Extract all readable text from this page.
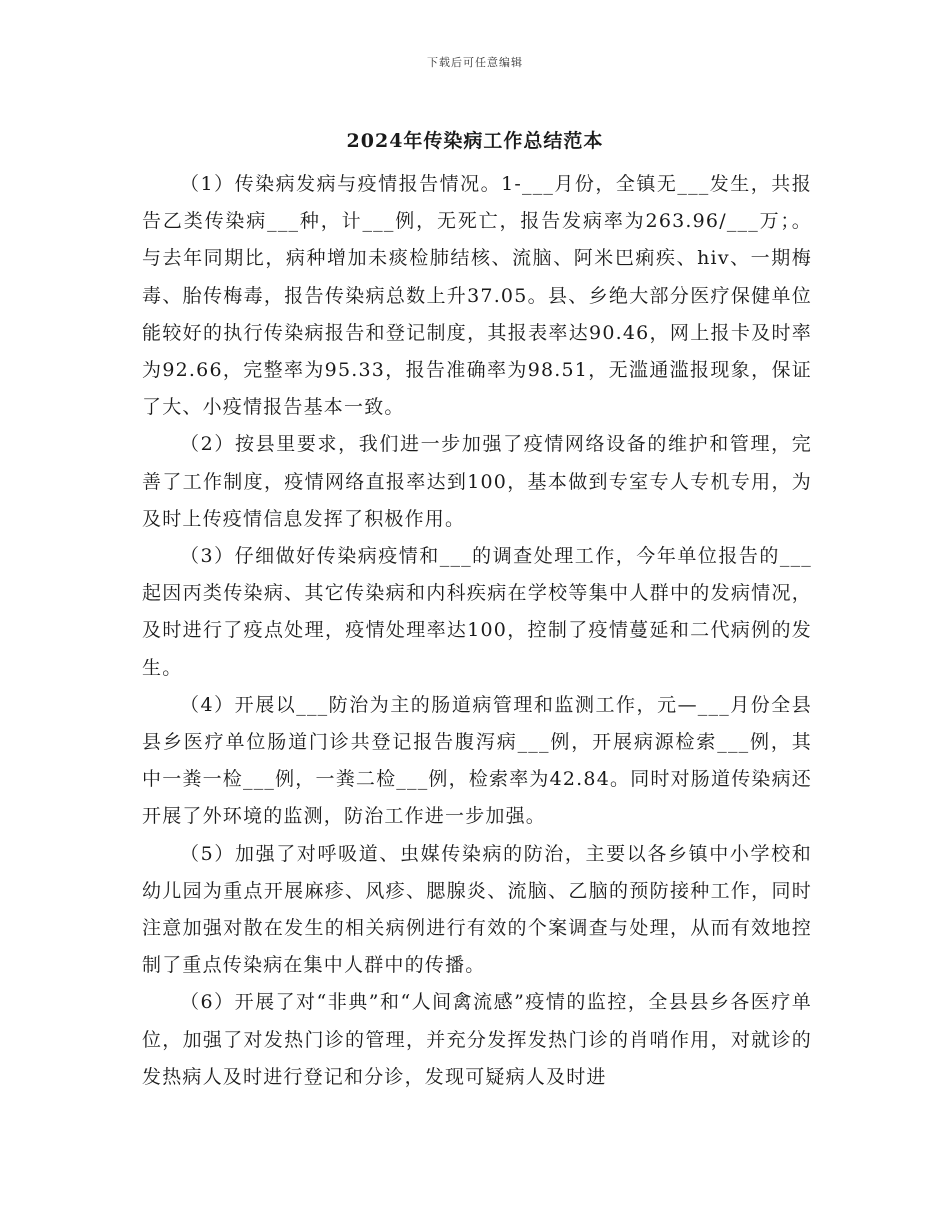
下载后可任意编辑
2024年传染病工作总结范本

（1）传染病发病与疫情报告情况。1-___月份，全镇无___发生，共报告乙类传染病___种，计___例，无死亡，报告发病率为263.96/___万；。与去年同期比，病种增加未痰检肺结核、流脑、阿米巴痢疾、hiv、一期梅毒、胎传梅毒，报告传染病总数上升37.05。县、乡绝大部分医疗保健单位能较好的执行传染病报告和登记制度，其报表率达90.46，网上报卡及时率为92.66，完整率为95.33，报告准确率为98.51，无滥通滥报现象，保证了大、小疫情报告基本一致。

（2）按县里要求，我们进一步加强了疫情网络设备的维护和管理，完善了工作制度，疫情网络直报率达到100，基本做到专室专人专机专用，为及时上传疫情信息发挥了积极作用。

（3）仔细做好传染病疫情和___的调查处理工作，今年单位报告的___起因丙类传染病、其它传染病和内科疾病在学校等集中人群中的发病情况，及时进行了疫点处理，疫情处理率达100，控制了疫情蔓延和二代病例的发生。

（4）开展以___防治为主的肠道病管理和监测工作，元—___月份全县县乡医疗单位肠道门诊共登记报告腹泻病___例，开展病源检索___例，其中一粪一检___例，一粪二检___例，检索率为42.84。同时对肠道传染病还开展了外环境的监测，防治工作进一步加强。

（5）加强了对呼吸道、虫媒传染病的防治，主要以各乡镇中小学校和幼儿园为重点开展麻疹、风疹、腮腺炎、流脑、乙脑的预防接种工作，同时注意加强对散在发生的相关病例进行有效的个案调查与处理，从而有效地控制了重点传染病在集中人群中的传播。

（6）开展了对“非典”和“人间禽流感”疫情的监控，全县县乡各医疗单位，加强了对发热门诊的管理，并充分发挥发热门诊的肖哨作用，对就诊的发热病人及时进行登记和分诊，发现可疑病人及时进
